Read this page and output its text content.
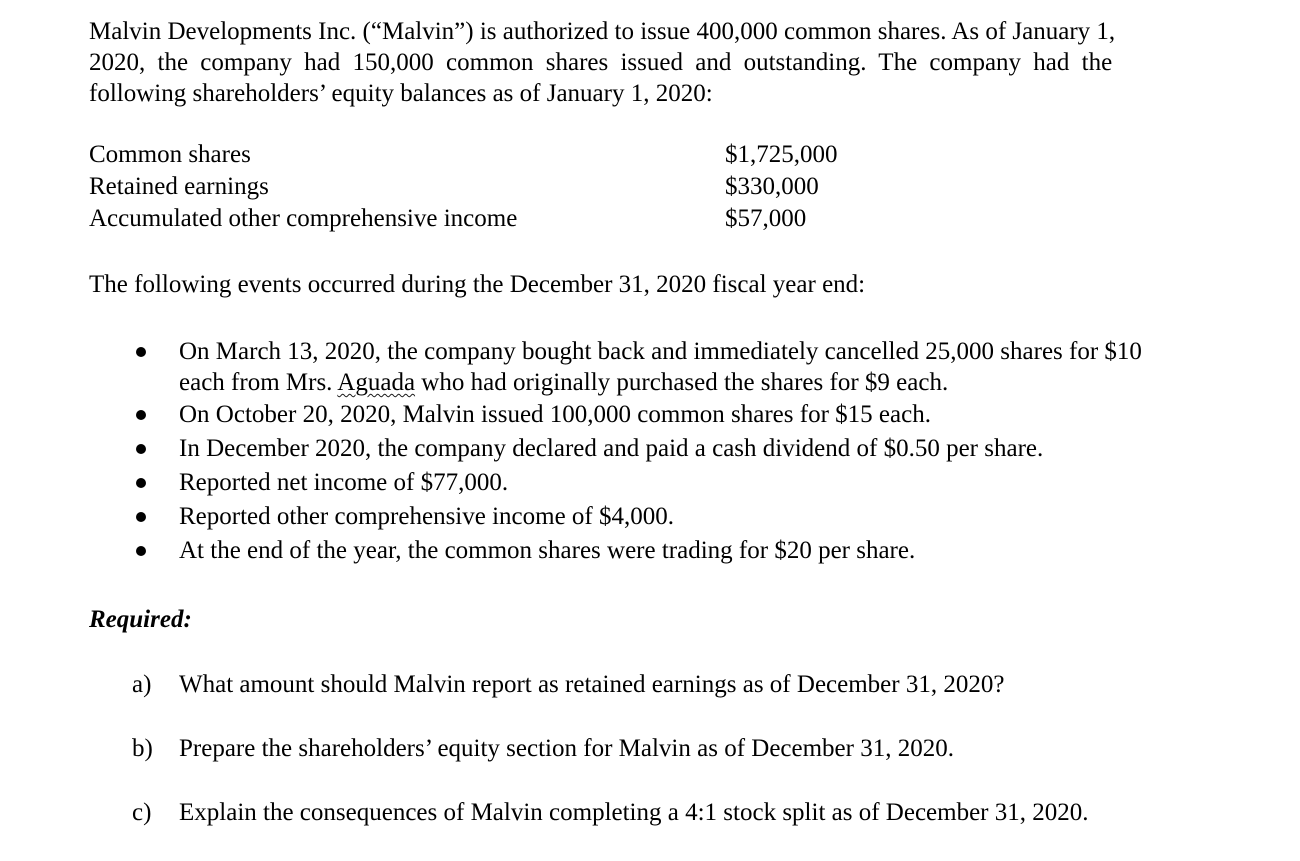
Malvin Developments Inc. (“Malvin”) is authorized to issue 400,000 common shares. As of January 1,
2020, the company had 150,000 common shares issued and outstanding. The company had the
following shareholders’ equity balances as of January 1, 2020:
Common shares	$1,725,000
Retained earnings	$330,000
Accumulated other comprehensive income	$57,000

The following events occurred during the December 31, 2020 fiscal year end:

On March 13, 2020, the company bought back and immediately cancelled 25,000 shares for $10
each from Mrs. Aguada who had originally purchased the shares for $9 each.
On October 20, 2020, Malvin issued 100,000 common shares for $15 each.
In December 2020, the company declared and paid a cash dividend of $0.50 per share.
Reported net income of $77,000.
Reported other comprehensive income of $4,000.
At the end of the year, the common shares were trading for $20 per share.

Required:

a) What amount should Malvin report as retained earnings as of December 31, 2020?
b) Prepare the shareholders’ equity section for Malvin as of December 31, 2020.
c) Explain the consequences of Malvin completing a 4:1 stock split as of December 31, 2020.
